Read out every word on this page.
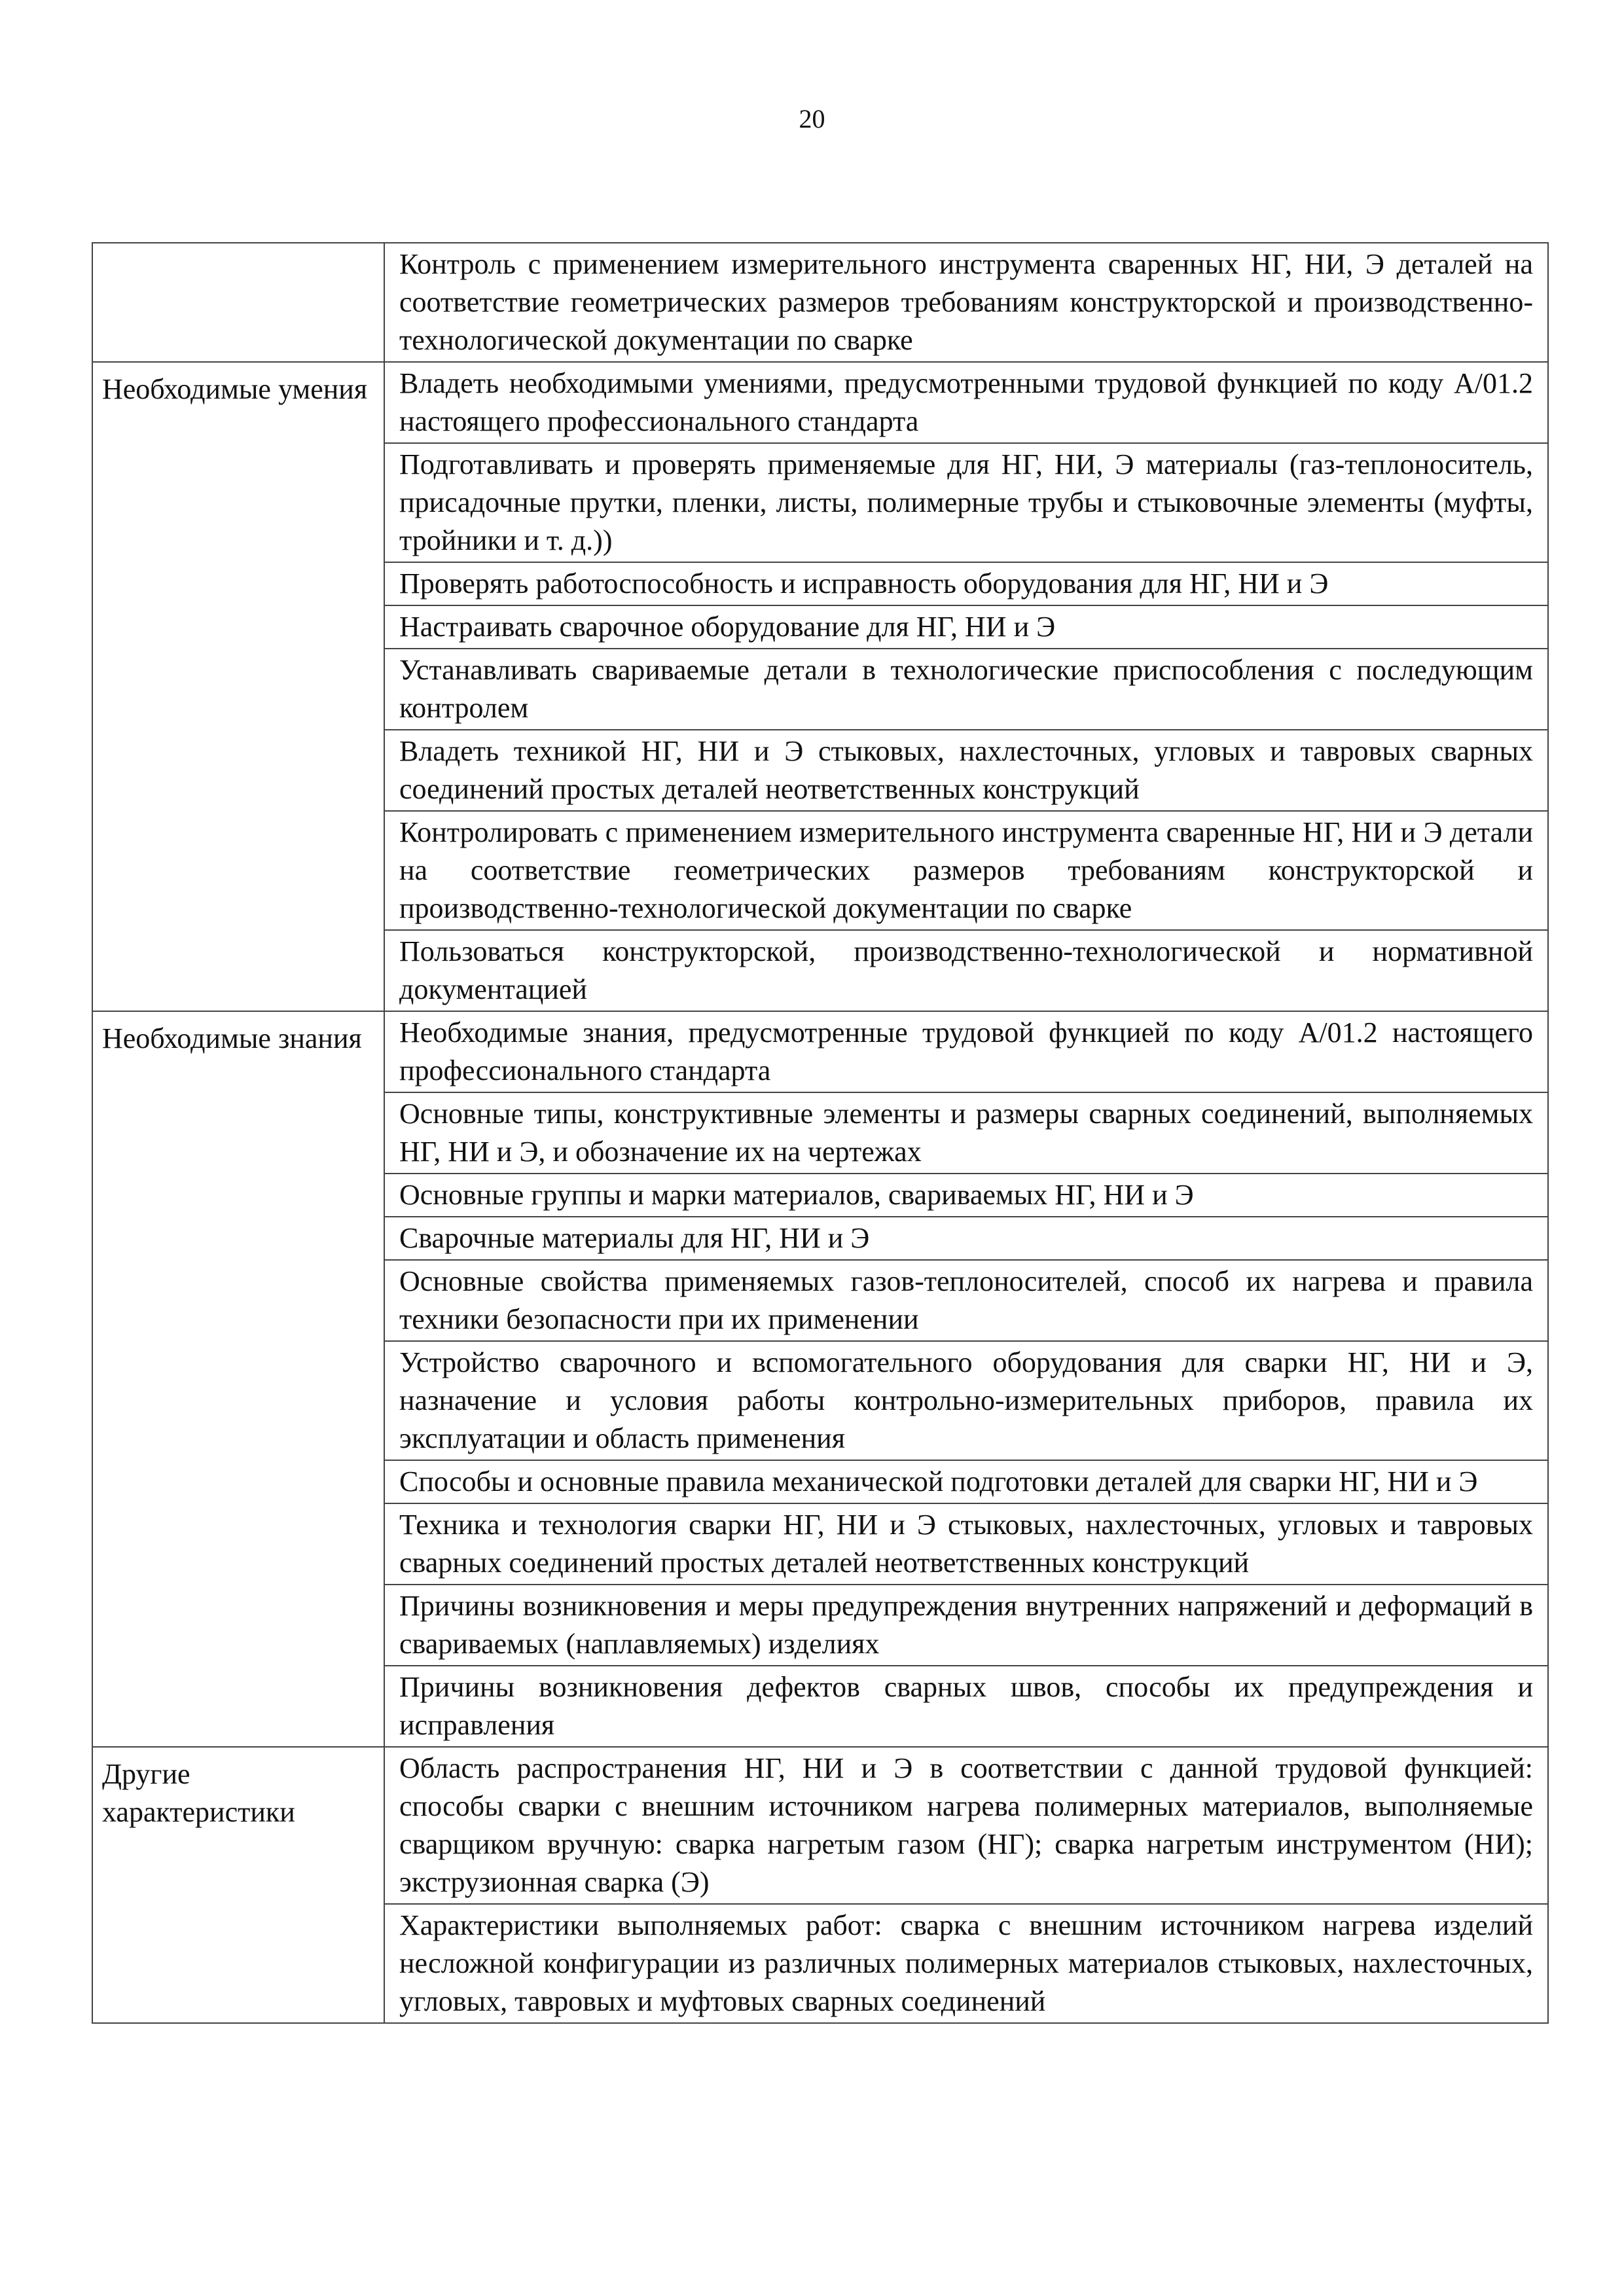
20
	Контроль с применением измерительного инструмента сваренных НГ, НИ, Э деталей на соответствие геометрических размеров требованиям конструкторской и производственно-технологической документации по сварке
Необходимые умения	Владеть необходимыми умениями, предусмотренными трудовой функцией по коду А/01.2 настоящего профессионального стандарта
	Подготавливать и проверять применяемые для НГ, НИ, Э материалы (газ-теплоноситель, присадочные прутки, пленки, листы, полимерные трубы и стыковочные элементы (муфты, тройники и т. д.))
	Проверять работоспособность и исправность оборудования для НГ, НИ и Э
	Настраивать сварочное оборудование для НГ, НИ и Э
	Устанавливать свариваемые детали в технологические приспособления с последующим контролем
	Владеть техникой НГ, НИ и Э стыковых, нахлесточных, угловых и тавровых сварных соединений простых деталей неответственных конструкций
	Контролировать с применением измерительного инструмента сваренные НГ, НИ и Э детали на соответствие геометрических размеров требованиям конструкторской и производственно-технологической документации по сварке
	Пользоваться конструкторской, производственно-технологической и нормативной документацией
Необходимые знания	Необходимые знания, предусмотренные трудовой функцией по коду А/01.2 настоящего профессионального стандарта
	Основные типы, конструктивные элементы и размеры сварных соединений, выполняемых НГ, НИ и Э, и обозначение их на чертежах
	Основные группы и марки материалов, свариваемых НГ, НИ и Э
	Сварочные материалы для НГ, НИ и Э
	Основные свойства применяемых газов-теплоносителей, способ их нагрева и правила техники безопасности при их применении
	Устройство сварочного и вспомогательного оборудования для сварки НГ, НИ и Э, назначение и условия работы контрольно-измерительных приборов, правила их эксплуатации и область применения
	Способы и основные правила механической подготовки деталей для сварки НГ, НИ и Э
	Техника и технология сварки НГ, НИ и Э стыковых, нахлесточных, угловых и тавровых сварных соединений простых деталей неответственных конструкций
	Причины возникновения и меры предупреждения внутренних напряжений и деформаций в свариваемых (наплавляемых) изделиях
	Причины возникновения дефектов сварных швов, способы их предупреждения и исправления
Другие характеристики	Область распространения НГ, НИ и Э в соответствии с данной трудовой функцией: способы сварки с внешним источником нагрева полимерных материалов, выполняемые сварщиком вручную: сварка нагретым газом (НГ); сварка нагретым инструментом (НИ); экструзионная сварка (Э)
	Характеристики выполняемых работ: сварка с внешним источником нагрева изделий несложной конфигурации из различных полимерных материалов стыковых, нахлесточных, угловых, тавровых и муфтовых сварных соединений
